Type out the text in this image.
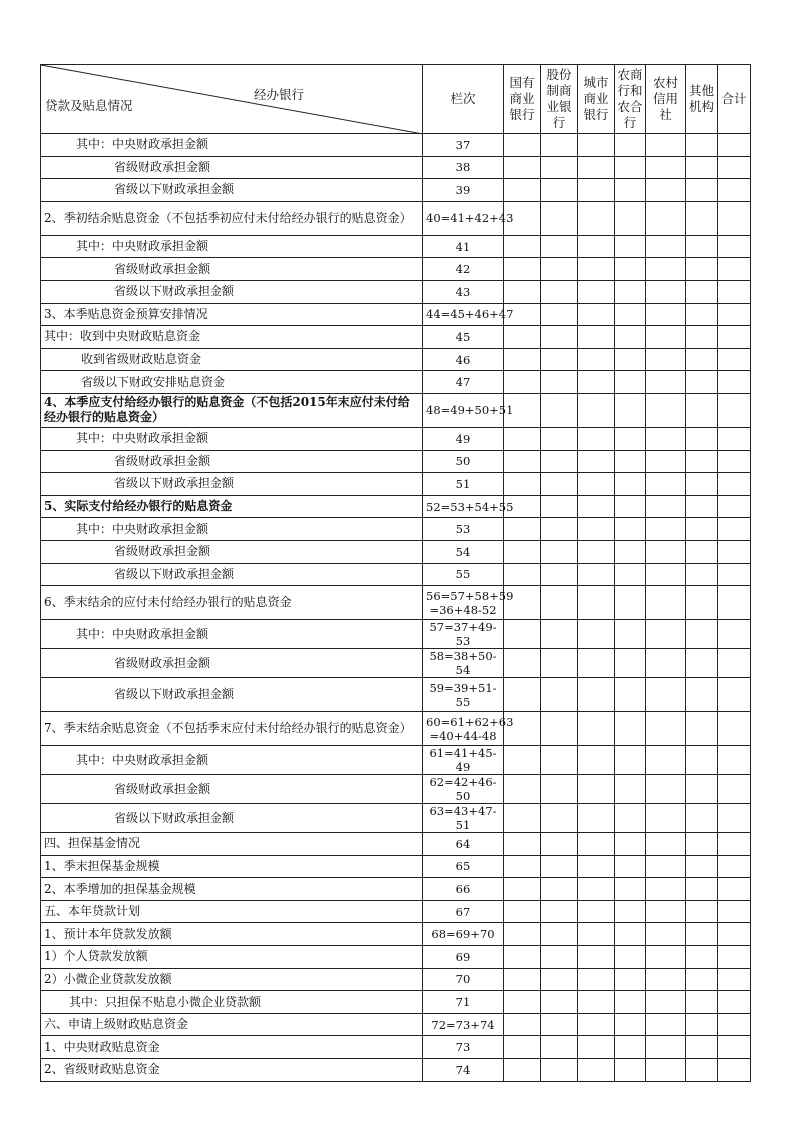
经办银行
贷款及贴息情况	栏次	国有
商业
银行	股份
制商
业银
行	城市
商业
银行	农商
行和
农合
行	农村
信用
社	其他
机构	合计
其中：中央财政承担金额	37							
省级财政承担金额	38							
省级以下财政承担金额	39							
2、季初结余贴息资金（不包括季初应付未付给经办银行的贴息资金）	40=41+42+43							
其中：中央财政承担金额	41							
省级财政承担金额	42							
省级以下财政承担金额	43							
3、本季贴息资金预算安排情况	44=45+46+47							
其中：收到中央财政贴息资金	45							
收到省级财政贴息资金	46							
省级以下财政安排贴息资金	47							
4、本季应支付给经办银行的贴息资金（不包括2015年末应付未付给经办银行的贴息资金）	48=49+50+51							
其中：中央财政承担金额	49							
省级财政承担金额	50							
省级以下财政承担金额	51							
5、实际支付给经办银行的贴息资金	52=53+54+55							
其中：中央财政承担金额	53							
省级财政承担金额	54							
省级以下财政承担金额	55							
6、季末结余的应付未付给经办银行的贴息资金	56=57+58+59
=36+48-52							
其中：中央财政承担金额	57=37+49-53							
省级财政承担金额	58=38+50-54							
省级以下财政承担金额	59=39+51-55							
7、季末结余贴息资金（不包括季末应付未付给经办银行的贴息资金）	60=61+62+63
=40+44-48							
其中：中央财政承担金额	61=41+45-49							
省级财政承担金额	62=42+46-50							
省级以下财政承担金额	63=43+47-51							
四、担保基金情况	64							
1、季末担保基金规模	65							
2、本季增加的担保基金规模	66							
五、本年贷款计划	67							
1、预计本年贷款发放额	68=69+70							
1）个人贷款发放额	69							
2）小微企业贷款发放额	70							
其中：只担保不贴息小微企业贷款额	71							
六、申请上级财政贴息资金	72=73+74							
1、中央财政贴息资金	73							
2、省级财政贴息资金	74							
